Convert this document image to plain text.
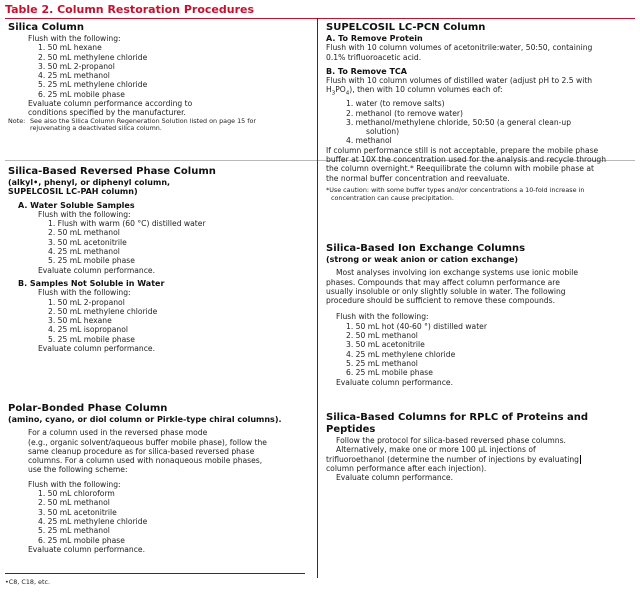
Table 2. Column Restoration Procedures
Silica Column
Flush with the following:
1. 50 mL hexane
2. 50 mL methylene chloride
3. 50 mL 2-propanol
4. 25 mL methanol
5. 25 mL methylene chloride
6. 25 mL mobile phase
Evaluate column performance according to
conditions specified by the manufacturer.
Note: See also the Silica Column Regeneration Solution listed on page 15 for
rejuvenating a deactivated silica column.
Silica-Based Reversed Phase Column
(alkyl•, phenyl, or diphenyl column,
SUPELCOSIL LC-PAH column)
A. Water Soluble Samples
Flush with the following:
1. Flush with warm (60 °C) distilled water
2. 50 mL methanol
3. 50 mL acetonitrile
4. 25 mL methanol
5. 25 mL mobile phase
Evaluate column performance.
B. Samples Not Soluble in Water
Flush with the following:
1. 50 mL 2-propanol
2. 50 mL methylene chloride
3. 50 mL hexane
4. 25 mL isopropanol
5. 25 mL mobile phase
Evaluate column performance.
Polar-Bonded Phase Column
(amino, cyano, or diol column or Pirkle-type chiral columns).
For a column used in the reversed phase mode
(e.g., organic solvent/aqueous buffer mobile phase), follow the
same cleanup procedure as for silica-based reversed phase
columns. For a column used with nonaqueous mobile phases,
use the following scheme:
Flush with the following:
1. 50 mL chloroform
2. 50 mL methanol
3. 50 mL acetonitrile
4. 25 mL methylene chloride
5. 25 mL methanol
6. 25 mL mobile phase
Evaluate column performance.
•C8, C18, etc.
SUPELCOSIL LC-PCN Column
A. To Remove Protein
Flush with 10 column volumes of acetonitrile:water, 50:50, containing
0.1% trifluoroacetic acid.
B. To Remove TCA
Flush with 10 column volumes of distilled water (adjust pH to 2.5 with
$H_3PO_4$), then with 10 column volumes each of:
1. water (to remove salts)
2. methanol (to remove water)
3. methanol/methylene chloride, 50:50 (a general clean-up
solution)
4. methanol
If column performance still is not acceptable, prepare the mobile phase
buffer at 10X the concentration used for the analysis and recycle through
the column overnight.* Reequilibrate the column with mobile phase at
the normal buffer concentration and reevaluate.
*Use caution: with some buffer types and/or concentrations a 10-fold increase in
concentration can cause precipitation.
Silica-Based Ion Exchange Columns
(strong or weak anion or cation exchange)
Most analyses involving ion exchange systems use ionic mobile
phases. Compounds that may affect column performance are
usually insoluble or only slightly soluble in water. The following
procedure should be sufficient to remove these compounds.
Flush with the following:
1. 50 mL hot (40-60 °) distilled water
2. 50 mL methanol
3. 50 mL acetonitrile
4. 25 mL methylene chloride
5. 25 mL methanol
6. 25 mL mobile phase
Evaluate column performance.
Silica-Based Columns for RPLC of Proteins and Peptides
Follow the protocol for silica-based reversed phase columns.
Alternatively, make one or more 100 μL injections of
trifluoroethanol (determine the number of injections by evaluating
column performance after each injection).
Evaluate column performance.
